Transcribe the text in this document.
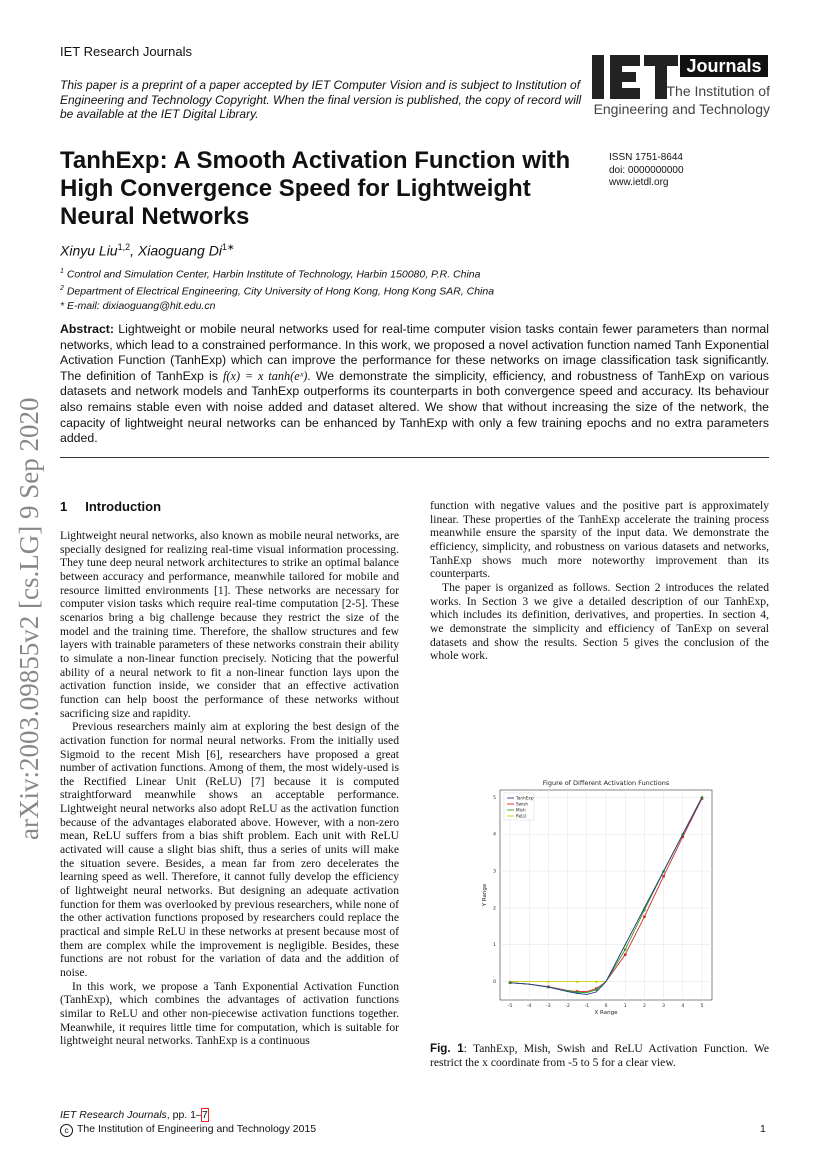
IET Research Journals
This paper is a preprint of a paper accepted by IET Computer Vision and is subject to Institution of Engineering and Technology Copyright. When the final version is published, the copy of record will be available at the IET Digital Library.
Journals
The Institution of
Engineering and Technology
TanhExp: A Smooth Activation Function with High Convergence Speed for Lightweight Neural Networks
ISSN 1751-8644
doi: 0000000000
www.ietdl.org
Xinyu Liu$^{1,2}$, Xiaoguang $Di^{1∗}$
$^1$ Control and Simulation Center, Harbin Institute of Technology, Harbin 150080, P.R. China
$^2$ Department of Electrical Engineering, City University of Hong Kong, Hong Kong SAR, China
* E-mail: dixiaoguang@hit.edu.cn
Abstract: Lightweight or mobile neural networks used for real-time computer vision tasks contain fewer parameters than normal networks, which lead to a constrained performance. In this work, we proposed a novel activation function named Tanh Exponential Activation Function (TanhExp) which can improve the performance for these networks on image classification task significantly. The definition of TanhExp is f(x) = x tanh(eˣ). We demonstrate the simplicity, efficiency, and robustness of TanhExp on various datasets and network models and TanhExp outperforms its counterparts in both convergence speed and accuracy. Its behaviour also remains stable even with noise added and dataset altered. We show that without increasing the size of the network, the capacity of lightweight neural networks can be enhanced by TanhExp with only a few training epochs and no extra parameters added.
arXiv:2003.09855v2 [cs.LG] 9 Sep 2020 1 Introduction

Lightweight neural networks, also known as mobile neural networks, are specially designed for realizing real-time visual information processing. They tune deep neural network architectures to strike an optimal balance between accuracy and performance, meanwhile tailored for mobile and resource limitted environments [1]. These networks are necessary for computer vision tasks which require real-time computation [2-5]. These scenarios bring a big challenge because they restrict the size of the model and the training time. Therefore, the shallow structures and few layers with trainable parameters of these networks constrain their ability to simulate a non-linear function precisely. Noticing that the powerful ability of a neural network to fit a non-linear function lays upon the activation function inside, we consider that an effective activation function can help boost the performance of these networks without sacrificing size and rapidity.

Previous researchers mainly aim at exploring the best design of the activation function for normal neural networks. From the initially used Sigmoid to the recent Mish [6], researchers have proposed a great number of activation functions. Among of them, the most widely-used is the Rectified Linear Unit (ReLU) [7] because it is computed straightforward meanwhile shows an acceptable performance. Lightweight neural networks also adopt ReLU as the activation function because of the advantages elaborated above. However, with a non-zero mean, ReLU suffers from a bias shift problem. Each unit with ReLU activated will cause a slight bias shift, thus a series of units will make the situation severe. Besides, a mean far from zero decelerates the learning speed as well. Therefore, it cannot fully develop the efficiency of lightweight neural networks. But designing an adequate activation function for them was overlooked by previous researchers, while none of the other activation functions proposed by researchers could replace the practical and simple ReLU in these networks at present because most of them are complex while the improvement is negligible. Besides, these functions are not robust for the variation of data and the addition of noise.

In this work, we propose a Tanh Exponential Activation Function (TanhExp), which combines the advantages of activation functions similar to ReLU and other non-piecewise activation functions together. Meanwhile, it requires little time for computation, which is suitable for lightweight neural networks. TanhExp is a continuous

function with negative values and the positive part is approximately linear. These properties of the TanhExp accelerate the training process meanwhile ensure the sparsity of the input data. We demonstrate the efficiency, simplicity, and robustness on various datasets and networks, TanhExp shows much more noteworthy improvement than its counterparts.

The paper is organized as follows. Section 2 introduces the related works. In Section 3 we give a detailed description of our TanhExp, which includes its definition, derivatives, and properties. In section 4, we demonstrate the simplicity and efficiency of TanExp on several datasets and show the results. Section 5 gives the conclusion of the whole work.

Figure of Different Activation Functions
-5	-4	-3	-2	-1	0	1	2	3	4	5
0
1
2
3
4
5	TanhExp
Swish
Mish
ReLU
X Range
Y Range
Fig. 1: TanhExp, Mish, Swish and ReLU Activation Function. We restrict the x coordinate from -5 to 5 for a clear view.
IET Research Journals, pp. 1–7
c The Institution of Engineering and Technology 2015	1
